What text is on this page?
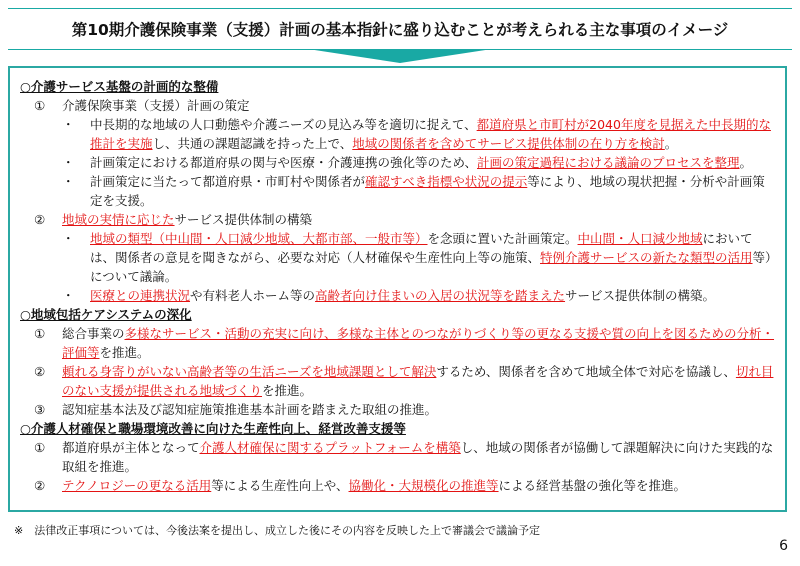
第10期介護保険事業（支援）計画の基本指針に盛り込むことが考えられる主な事項のイメージ
○介護サービス基盤の計画的な整備
①	介護保険事業（支援）計画の策定
・	中長期的な地域の人口動態や介護ニーズの見込み等を適切に捉えて、都道府県と市町村が2040年度を見据えた中長期的な推計を実施し、共通の課題認識を持った上で、地域の関係者を含めてサービス提供体制の在り方を検討。
・	計画策定における都道府県の関与や医療・介護連携の強化等のため、計画の策定過程における議論のプロセスを整理。
・	計画策定に当たって都道府県・市町村や関係者が確認すべき指標や状況の提示等により、地域の現状把握・分析や計画策定を支援。
②	地域の実情に応じたサービス提供体制の構築
・	地域の類型（中山間・人口減少地域、大都市部、一般市等）を念頭に置いた計画策定。中山間・人口減少地域においては、関係者の意見を聞きながら、必要な対応（人材確保や生産性向上等の施策、特例介護サービスの新たな類型の活用等）について議論。
・	医療との連携状況や有料老人ホーム等の高齢者向け住まいの入居の状況等を踏まえたサービス提供体制の構築。
○地域包括ケアシステムの深化
①	総合事業の多様なサービス・活動の充実に向け、多様な主体とのつながりづくり等の更なる支援や質の向上を図るための分析・評価等を推進。
②	頼れる身寄りがいない高齢者等の生活ニーズを地域課題として解決するため、関係者を含めて地域全体で対応を協議し、切れ目のない支援が提供される地域づくりを推進。
③	認知症基本法及び認知症施策推進基本計画を踏まえた取組の推進。
○介護人材確保と職場環境改善に向けた生産性向上、経営改善支援等
①	都道府県が主体となって介護人材確保に関するプラットフォームを構築し、地域の関係者が協働して課題解決に向けた実践的な取組を推進。
②	テクノロジーの更なる活用等による生産性向上や、協働化・大規模化の推進等による経営基盤の強化等を推進。
※　法律改正事項については、今後法案を提出し、成立した後にその内容を反映した上で審議会で議論予定
6
